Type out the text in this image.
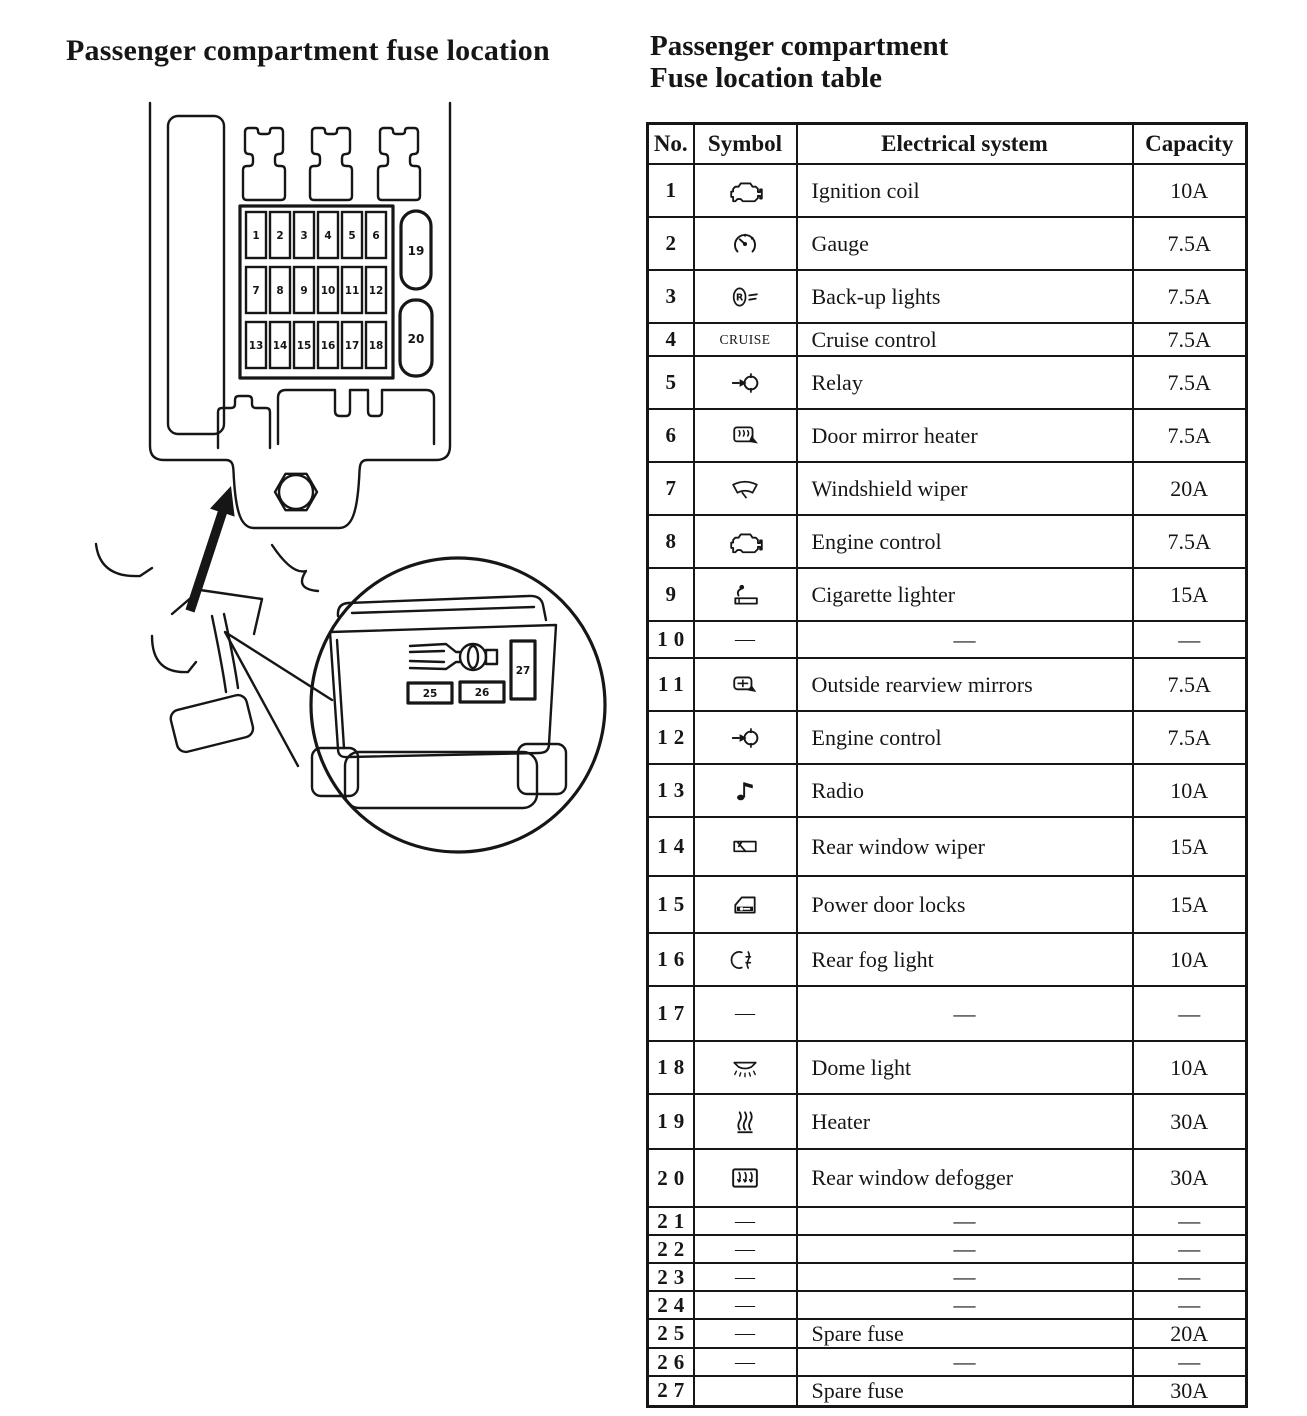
Passenger compartment fuse location
1 2 3 4 5 6
7 8 9 10 11 12
13 14 15 16 17 18
19
20
25	26
27
Passenger compartment
Fuse location table
No.	Symbol	Electrical system	Capacity
1		Ignition coil	10A
2		Gauge	7.5A
3	R	Back-up lights	7.5A
4	CRUISE	Cruise control	7.5A
5		Relay	7.5A
6		Door mirror heater	7.5A
7		Windshield wiper	20A
8		Engine control	7.5A
9		Cigarette lighter	15A
10	—	—	—
11		Outside rearview mirrors	7.5A
12		Engine control	7.5A
13		Radio	10A
14		Rear window wiper	15A
15		Power door locks	15A
16		Rear fog light	10A
17	—	—	—
18		Dome light	10A
19		Heater	30A
20		Rear window defogger	30A
21	—	—	—
22	—	—	—
23	—	—	—
24	—	—	—
25	—	Spare fuse	20A
26	—	—	—
27		Spare fuse	30A
